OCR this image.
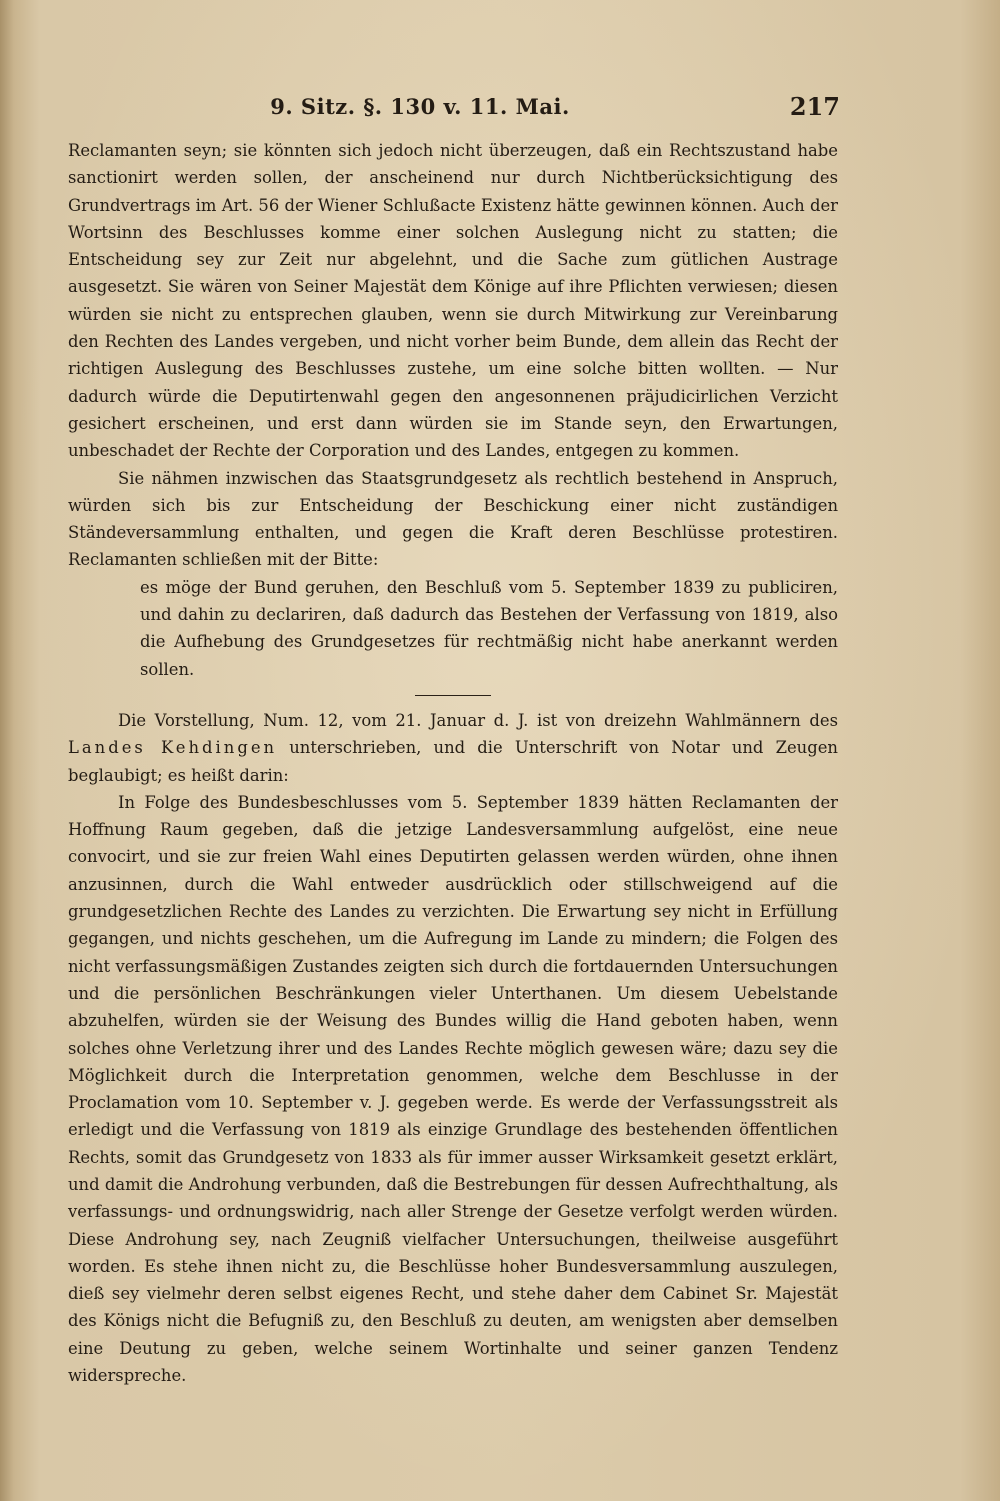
9. Sitz. §. 130 v. 11. Mai.	217

Reclamanten seyn; sie könnten sich jedoch nicht überzeugen, daß ein Rechtszustand habe sanctionirt werden sollen, der anscheinend nur durch Nichtberücksichtigung des Grundvertrags im Art. 56 der Wiener Schlußacte Existenz hätte gewinnen können. Auch der Wortsinn des Beschlusses komme einer solchen Auslegung nicht zu statten; die Entscheidung sey zur Zeit nur abgelehnt, und die Sache zum gütlichen Austrage ausgesetzt. Sie wären von Seiner Majestät dem Könige auf ihre Pflichten verwiesen; diesen würden sie nicht zu entsprechen glauben, wenn sie durch Mitwirkung zur Vereinbarung den Rechten des Landes vergeben, und nicht vorher beim Bunde, dem allein das Recht der richtigen Auslegung des Beschlusses zustehe, um eine solche bitten wollten. — Nur dadurch würde die Deputirtenwahl gegen den angesonnenen präjudicirlichen Verzicht gesichert erscheinen, und erst dann würden sie im Stande seyn, den Erwartungen, unbeschadet der Rechte der Corporation und des Landes, entgegen zu kommen.

Sie nähmen inzwischen das Staatsgrundgesetz als rechtlich bestehend in Anspruch, würden sich bis zur Entscheidung der Beschickung einer nicht zuständigen Ständeversammlung enthalten, und gegen die Kraft deren Beschlüsse protestiren. Reclamanten schließen mit der Bitte:

es möge der Bund geruhen, den Beschluß vom 5. September 1839 zu publiciren, und dahin zu declariren, daß dadurch das Bestehen der Verfassung von 1819, also die Aufhebung des Grundgesetzes für rechtmäßig nicht habe anerkannt werden sollen.

Die Vorstellung, Num. 12, vom 21. Januar d. J. ist von dreizehn Wahlmännern des Landes Kehdingen unterschrieben, und die Unterschrift von Notar und Zeugen beglaubigt; es heißt darin:

In Folge des Bundesbeschlusses vom 5. September 1839 hätten Reclamanten der Hoffnung Raum gegeben, daß die jetzige Landesversammlung aufgelöst, eine neue convocirt, und sie zur freien Wahl eines Deputirten gelassen werden würden, ohne ihnen anzusinnen, durch die Wahl entweder ausdrücklich oder stillschweigend auf die grundgesetzlichen Rechte des Landes zu verzichten. Die Erwartung sey nicht in Erfüllung gegangen, und nichts geschehen, um die Aufregung im Lande zu mindern; die Folgen des nicht verfassungsmäßigen Zustandes zeigten sich durch die fortdauernden Untersuchungen und die persönlichen Beschränkungen vieler Unterthanen. Um diesem Uebelstande abzuhelfen, würden sie der Weisung des Bundes willig die Hand geboten haben, wenn solches ohne Verletzung ihrer und des Landes Rechte möglich gewesen wäre; dazu sey die Möglichkeit durch die Interpretation genommen, welche dem Beschlusse in der Proclamation vom 10. September v. J. gegeben werde. Es werde der Verfassungsstreit als erledigt und die Verfassung von 1819 als einzige Grundlage des bestehenden öffentlichen Rechts, somit das Grundgesetz von 1833 als für immer ausser Wirksamkeit gesetzt erklärt, und damit die Androhung verbunden, daß die Bestrebungen für dessen Aufrechthaltung, als verfassungs- und ordnungswidrig, nach aller Strenge der Gesetze verfolgt werden würden. Diese Androhung sey, nach Zeugniß vielfacher Untersuchungen, theilweise ausgeführt worden. Es stehe ihnen nicht zu, die Beschlüsse hoher Bundesversammlung auszulegen, dieß sey vielmehr deren selbst eigenes Recht, und stehe daher dem Cabinet Sr. Majestät des Königs nicht die Befugniß zu, den Beschluß zu deuten, am wenigsten aber demselben eine Deutung zu geben, welche seinem Wortinhalte und seiner ganzen Tendenz widerspreche.
